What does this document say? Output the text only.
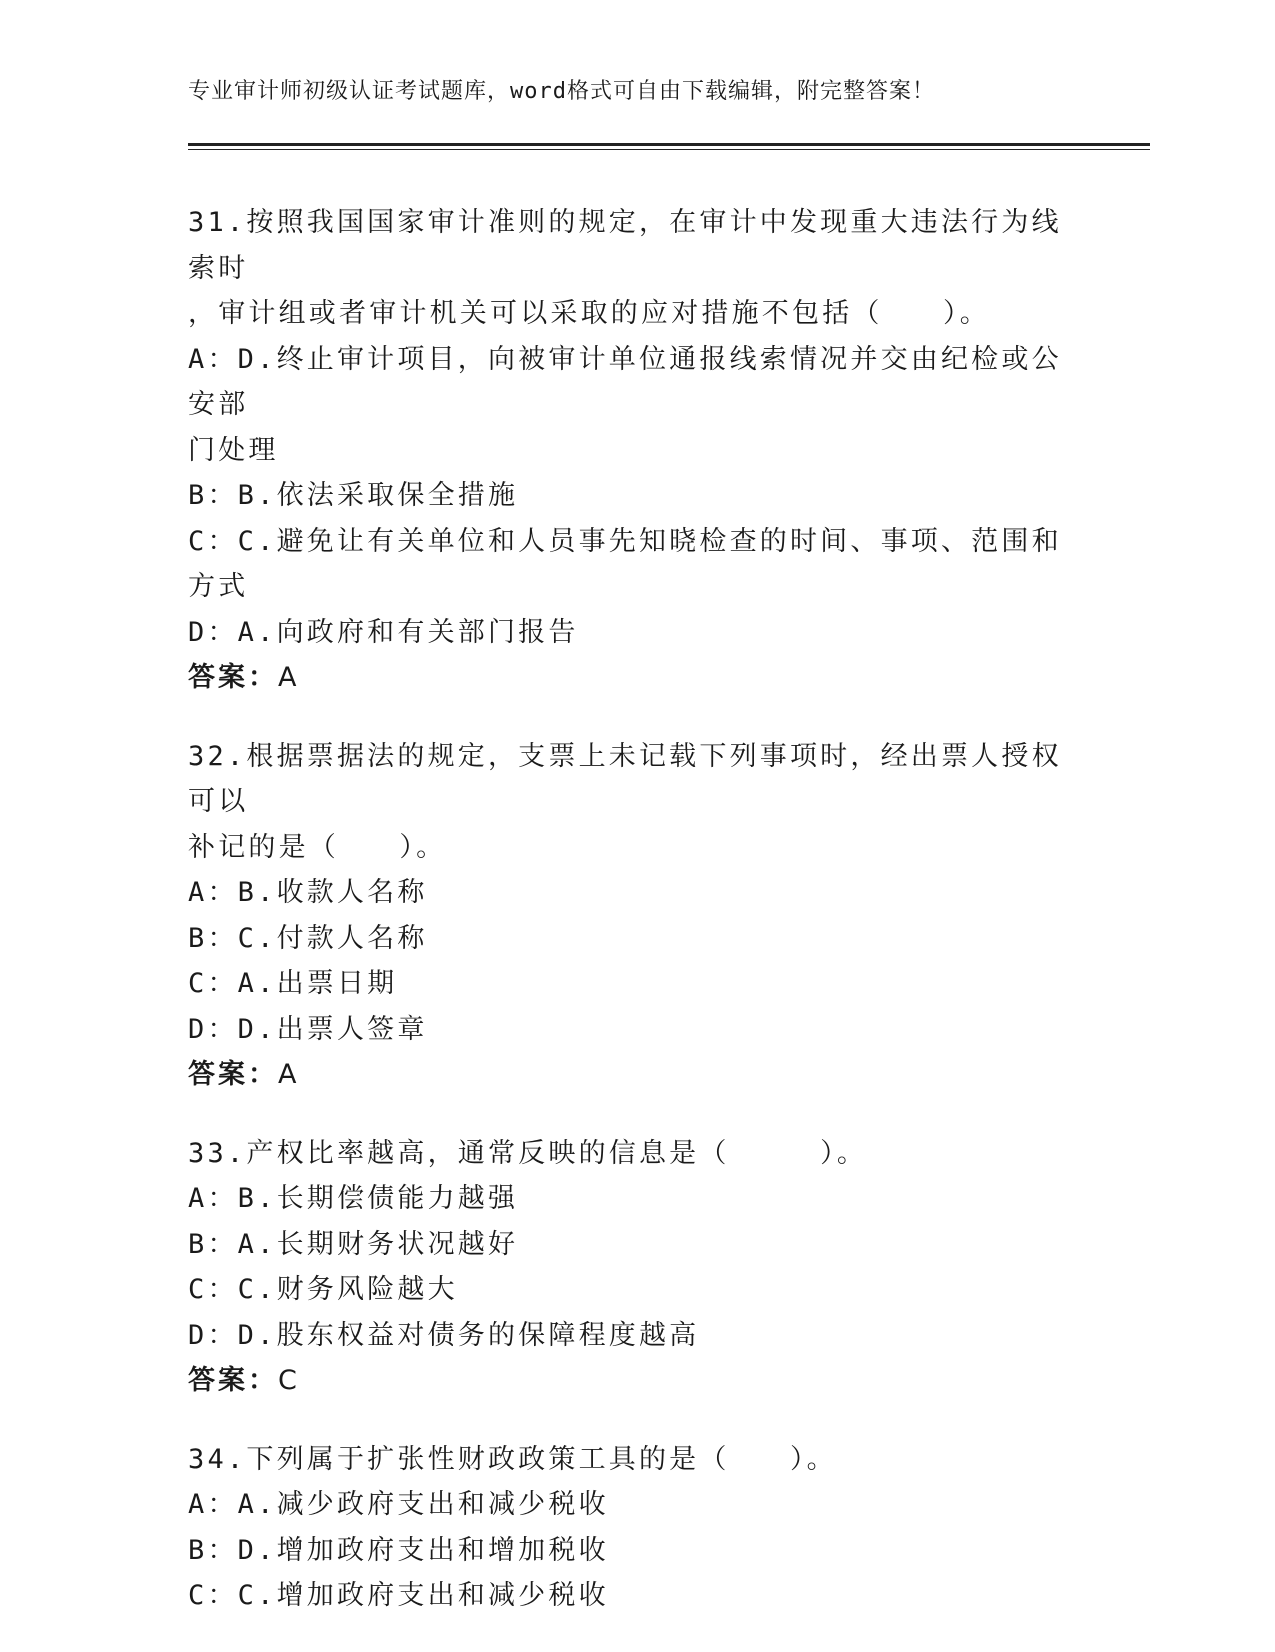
专业审计师初级认证考试题库，word格式可自由下载编辑，附完整答案！
31.按照我国国家审计准则的规定，在审计中发现重大违法行为线索时
，审计组或者审计机关可以采取的应对措施不包括（　　）。
A：D.终止审计项目，向被审计单位通报线索情况并交由纪检或公安部
门处理
B：B.依法采取保全措施
C：C.避免让有关单位和人员事先知晓检查的时间、事项、范围和方式
D：A.向政府和有关部门报告
答案：A
32.根据票据法的规定，支票上未记载下列事项时，经出票人授权可以
补记的是（　　）。
A：B.收款人名称
B：C.付款人名称
C：A.出票日期
D：D.出票人签章
答案：A
33.产权比率越高，通常反映的信息是（　　　）。
A：B.长期偿债能力越强
B：A.长期财务状况越好
C：C.财务风险越大
D：D.股东权益对债务的保障程度越高
答案：C
34.下列属于扩张性财政政策工具的是（　　）。
A：A.减少政府支出和减少税收
B：D.增加政府支出和增加税收
C：C.增加政府支出和减少税收
